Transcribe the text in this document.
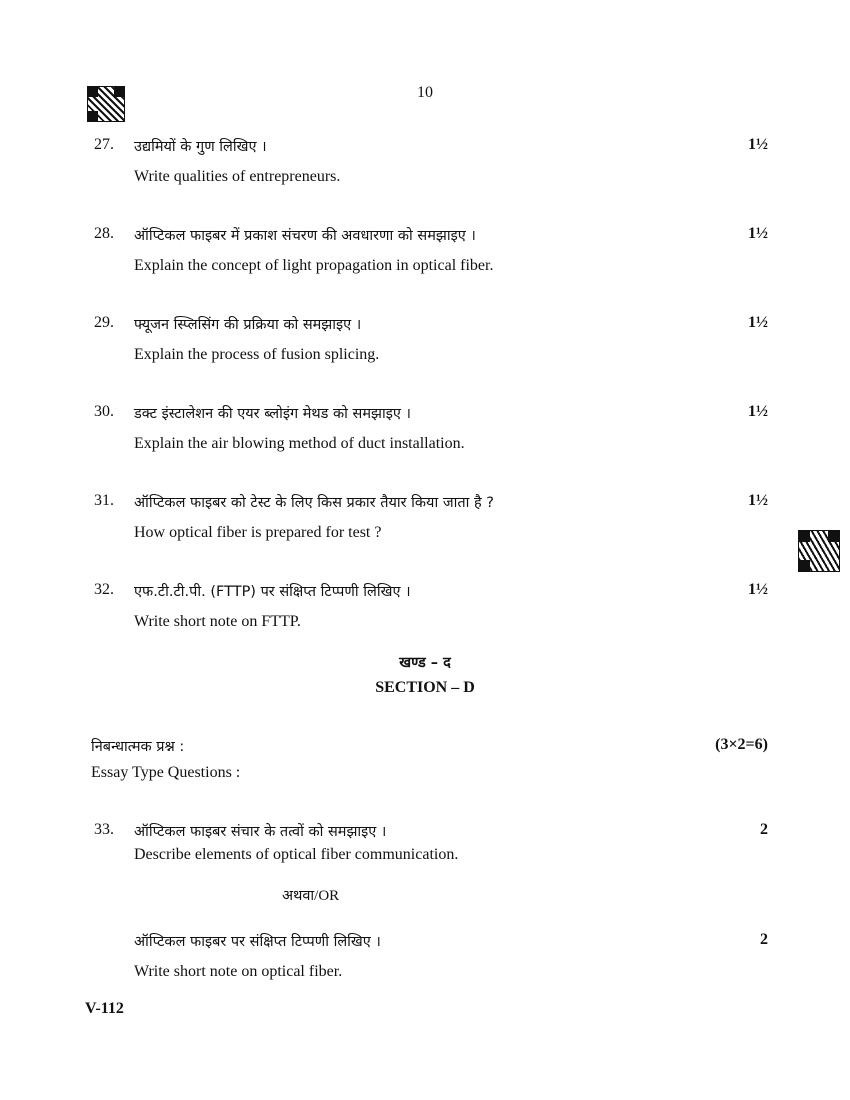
10
27. उद्यमियों के गुण लिखिए ।	1½
Write qualities of entrepreneurs.
28. ऑप्टिकल फाइबर में प्रकाश संचरण की अवधारणा को समझाइए ।	1½
Explain the concept of light propagation in optical fiber.
29. फ्यूजन स्प्लिसिंग की प्रक्रिया को समझाइए ।	1½
Explain the process of fusion splicing.
30. डक्ट इंस्टालेशन की एयर ब्लोइंग मेथड को समझाइए ।	1½
Explain the air blowing method of duct installation.
31. ऑप्टिकल फाइबर को टेस्ट के लिए किस प्रकार तैयार किया जाता है ?	1½
How optical fiber is prepared for test ?
32. एफ.टी.टी.पी. (FTTP) पर संक्षिप्त टिप्पणी लिखिए ।	1½
Write short note on FTTP.
खण्ड – द
SECTION – D
निबन्धात्मक प्रश्न :	(3×2=6)
Essay Type Questions :
33. ऑप्टिकल फाइबर संचार के तत्वों को समझाइए ।	2
Describe elements of optical fiber communication.
अथवा/OR
ऑप्टिकल फाइबर पर संक्षिप्त टिप्पणी लिखिए ।	2
Write short note on optical fiber.
V-112
